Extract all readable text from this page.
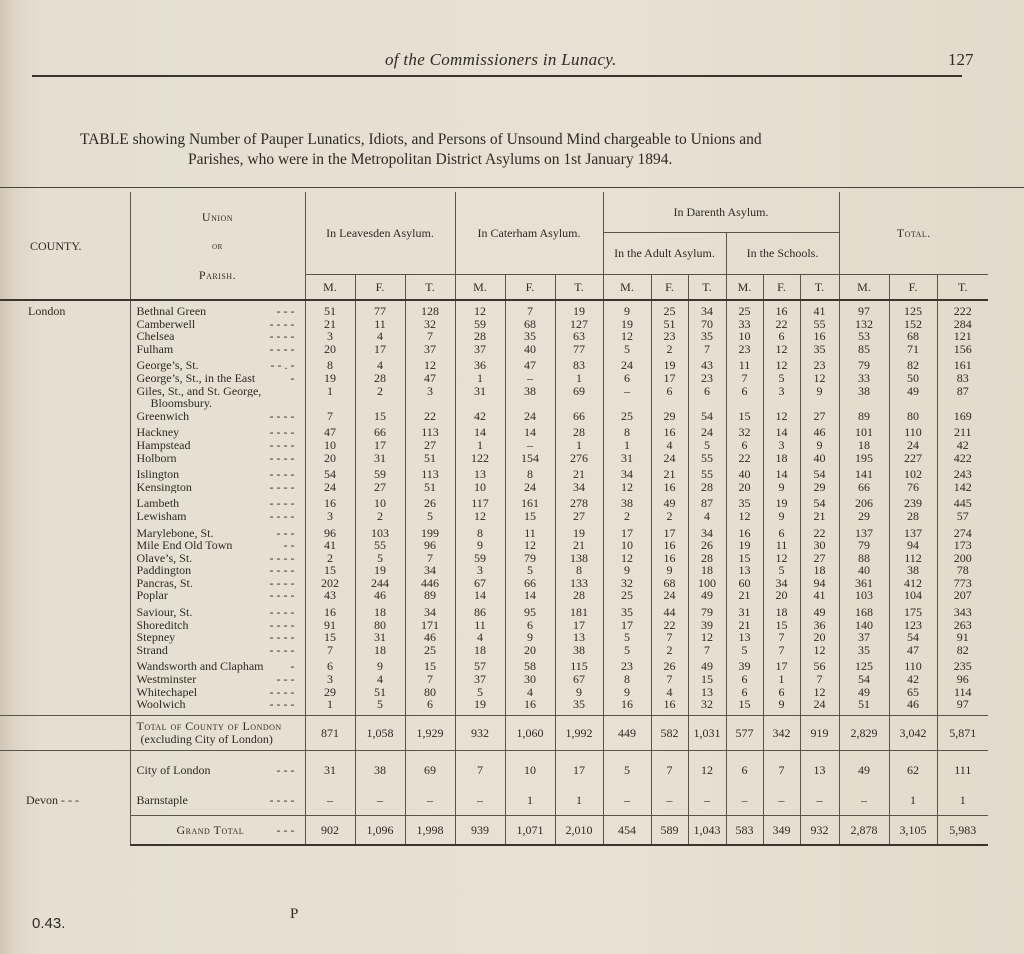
of the Commissioners in Lunacy.	127
TABLE showing Number of Pauper Lunatics, Idiots, and Persons of Unsound Mind chargeable to Unions and
Parishes, who were in the Metropolitan District Asylums on 1st January 1894.
COUNTY.	Union

or

Parish.	In Leavesden Asylum.	In Caterham Asylum.	In Darenth Asylum.	Total.
In the Adult Asylum.	In the Schools.
M.	F.	T.	M.	F.	T.	M.	F.	T.	M.	F.	T.	M.	F.	T.

London	Bethnal Green	- - -	51	77	128	12	7	19	9	25	34	25	16	41	97	125	222
	Camberwell	- - - -	21	11	32	59	68	127	19	51	70	33	22	55	132	152	284
	Chelsea	- - - -	3	4	7	28	35	63	12	23	35	10	6	16	53	68	121
	Fulham	- - - -	20	17	37	37	40	77	5	2	7	23	12	35	85	71	156

	George’s, St.	- - . -	8	4	12	36	47	83	24	19	43	11	12	23	79	82	161
	George’s, St., in the East	-	19	28	47	1	–	1	6	17	23	7	5	12	33	50	83
	Giles, St., and St. George,	1	2	3	31	38	69	–	6	6	6	3	9	38	49	87
	Bloomsbury.															
	Greenwich	- - - -	7	15	22	42	24	66	25	29	54	15	12	27	89	80	169

	Hackney	- - - -	47	66	113	14	14	28	8	16	24	32	14	46	101	110	211
	Hampstead	- - - -	10	17	27	1	–	1	1	4	5	6	3	9	18	24	42
	Holborn	- - - -	20	31	51	122	154	276	31	24	55	22	18	40	195	227	422

	Islington	- - - -	54	59	113	13	8	21	34	21	55	40	14	54	141	102	243
	Kensington	- - - -	24	27	51	10	24	34	12	16	28	20	9	29	66	76	142

	Lambeth	- - - -	16	10	26	117	161	278	38	49	87	35	19	54	206	239	445
	Lewisham	- - - -	3	2	5	12	15	27	2	2	4	12	9	21	29	28	57

	Marylebone, St.	- - -	96	103	199	8	11	19	17	17	34	16	6	22	137	137	274
	Mile End Old Town	- -	41	55	96	9	12	21	10	16	26	19	11	30	79	94	173
	Olave’s, St.	- - - -	2	5	7	59	79	138	12	16	28	15	12	27	88	112	200
	Paddington	- - - -	15	19	34	3	5	8	9	9	18	13	5	18	40	38	78
	Pancras, St.	- - - -	202	244	446	67	66	133	32	68	100	60	34	94	361	412	773
	Poplar	- - - -	43	46	89	14	14	28	25	24	49	21	20	41	103	104	207

	Saviour, St.	- - - -	16	18	34	86	95	181	35	44	79	31	18	49	168	175	343
	Shoreditch	- - - -	91	80	171	11	6	17	17	22	39	21	15	36	140	123	263
	Stepney	- - - -	15	31	46	4	9	13	5	7	12	13	7	20	37	54	91
	Strand	- - - -	7	18	25	18	20	38	5	2	7	5	7	12	35	47	82

	Wandsworth and Clapham -	6	9	15	57	58	115	23	26	49	39	17	56	125	110	235
	Westminster	- - -	3	4	7	37	30	67	8	7	15	6	1	7	54	42	96
	Whitechapel	- - - -	29	51	80	5	4	9	9	4	13	6	6	12	49	65	114
	Woolwich	- - - -	1	5	6	19	16	35	16	16	32	15	9	24	51	46	97

	Total of County of London
(excluding City of London)	871	1,058	1,929	932	1,060	1,992	449	582	1,031	577	342	919	2,829	3,042	5,871

	City of London	- - -	31	38	69	7	10	17	5	7	12	6	7	13	49	62	111
Devon - - -	Barnstaple	- - - -	–	–	–	–	1	1	–	–	–	–	–	–	–	1	1
	Grand Total	- - -	902	1,096	1,998	939	1,071	2,010	454	589	1,043	583	349	932	2,878	3,105	5,983
0.43.
P
